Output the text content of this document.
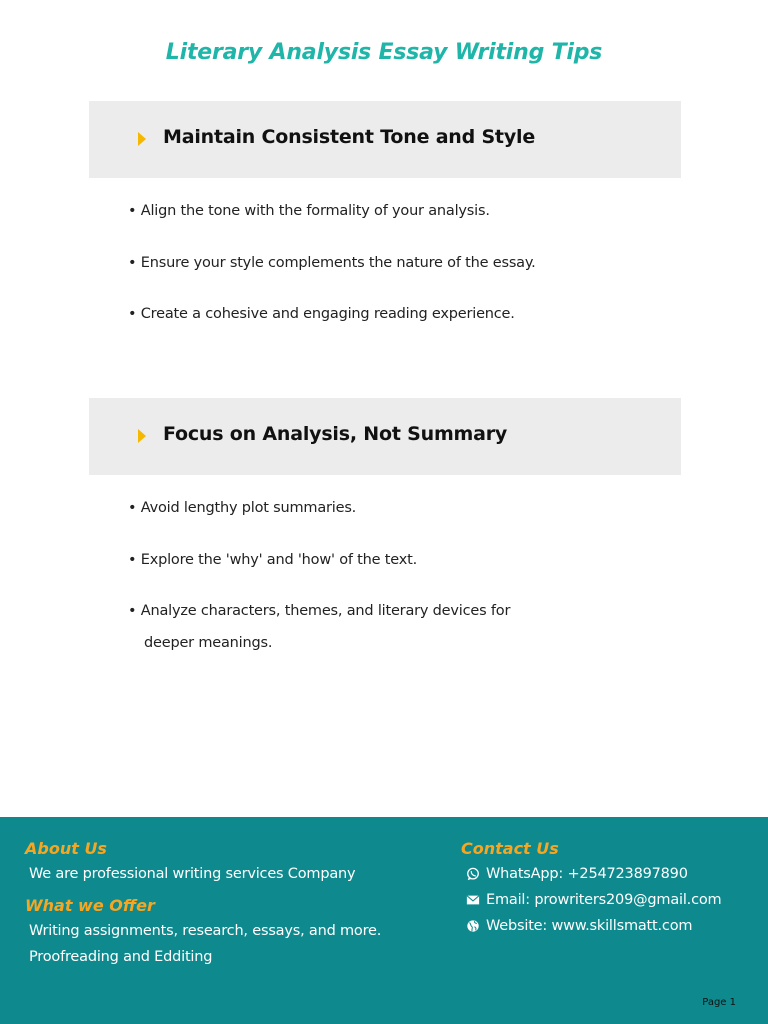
Literary Analysis Essay Writing Tips
Maintain Consistent Tone and Style
• Align the tone with the formality of your analysis.
• Ensure your style complements the nature of the essay.
• Create a cohesive and engaging reading experience.
Focus on Analysis, Not Summary
• Avoid lengthy plot summaries.
• Explore the 'why' and 'how' of the text.
• Analyze characters, themes, and literary devices for
deeper meanings.
About Us
We are professional writing services Company
What we Offer
Writing assignments, research, essays, and more.
Proofreading and Edditing
Contact Us
WhatsApp: +254723897890
Email: prowriters209@gmail.com
Website: www.skillsmatt.com
Page 1
